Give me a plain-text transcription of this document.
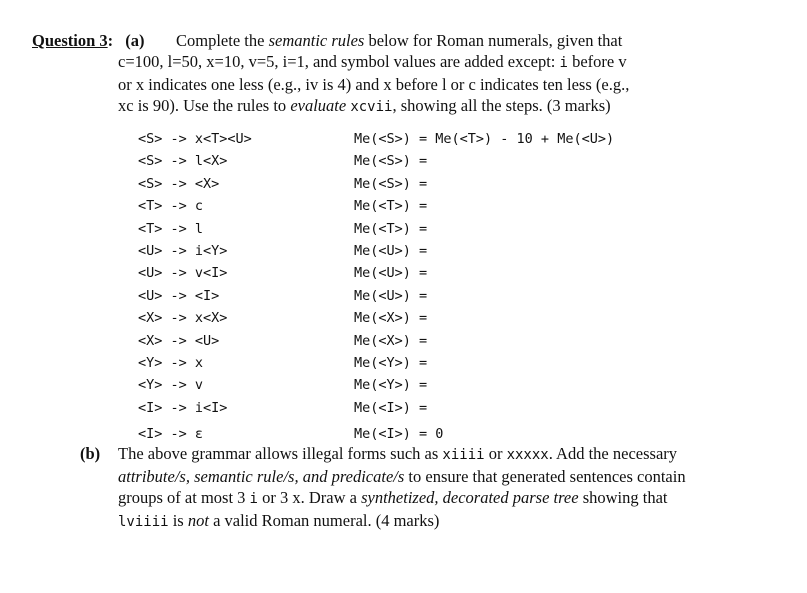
Question 3: (a)	Complete the semantic rules below for Roman numerals, given that
c=100, l=50, x=10, v=5, i=1, and symbol values are added except: i before v
or x indicates one less (e.g., iv is 4) and x before l or c indicates ten less (e.g.,
xc is 90). Use the rules to evaluate xcvii, showing all the steps. (3 marks)
<S> -> x<T><U>	Me(<S>) = Me(<T>) - 10 + Me(<U>)
<S> -> l<X>	Me(<S>) =
<S> -> <X>	Me(<S>) =
<T> -> c	Me(<T>) =
<T> -> l	Me(<T>) =
<U> -> i<Y>	Me(<U>) =
<U> -> v<I>	Me(<U>) =
<U> -> <I>	Me(<U>) =
<X> -> x<X>	Me(<X>) =
<X> -> <U>	Me(<X>) =
<Y> -> x	Me(<Y>) =
<Y> -> v	Me(<Y>) =
<I> -> i<I>	Me(<I>) =
<I> -> ε	Me(<I>) = 0
(b) The above grammar allows illegal forms such as xiiii or xxxxx. Add the necessary attribute/s, semantic rule/s, and predicate/s to ensure that generated sentences contain groups of at most 3 i or 3 x. Draw a synthetized, decorated parse tree showing that lviiii is not a valid Roman numeral. (4 marks)
